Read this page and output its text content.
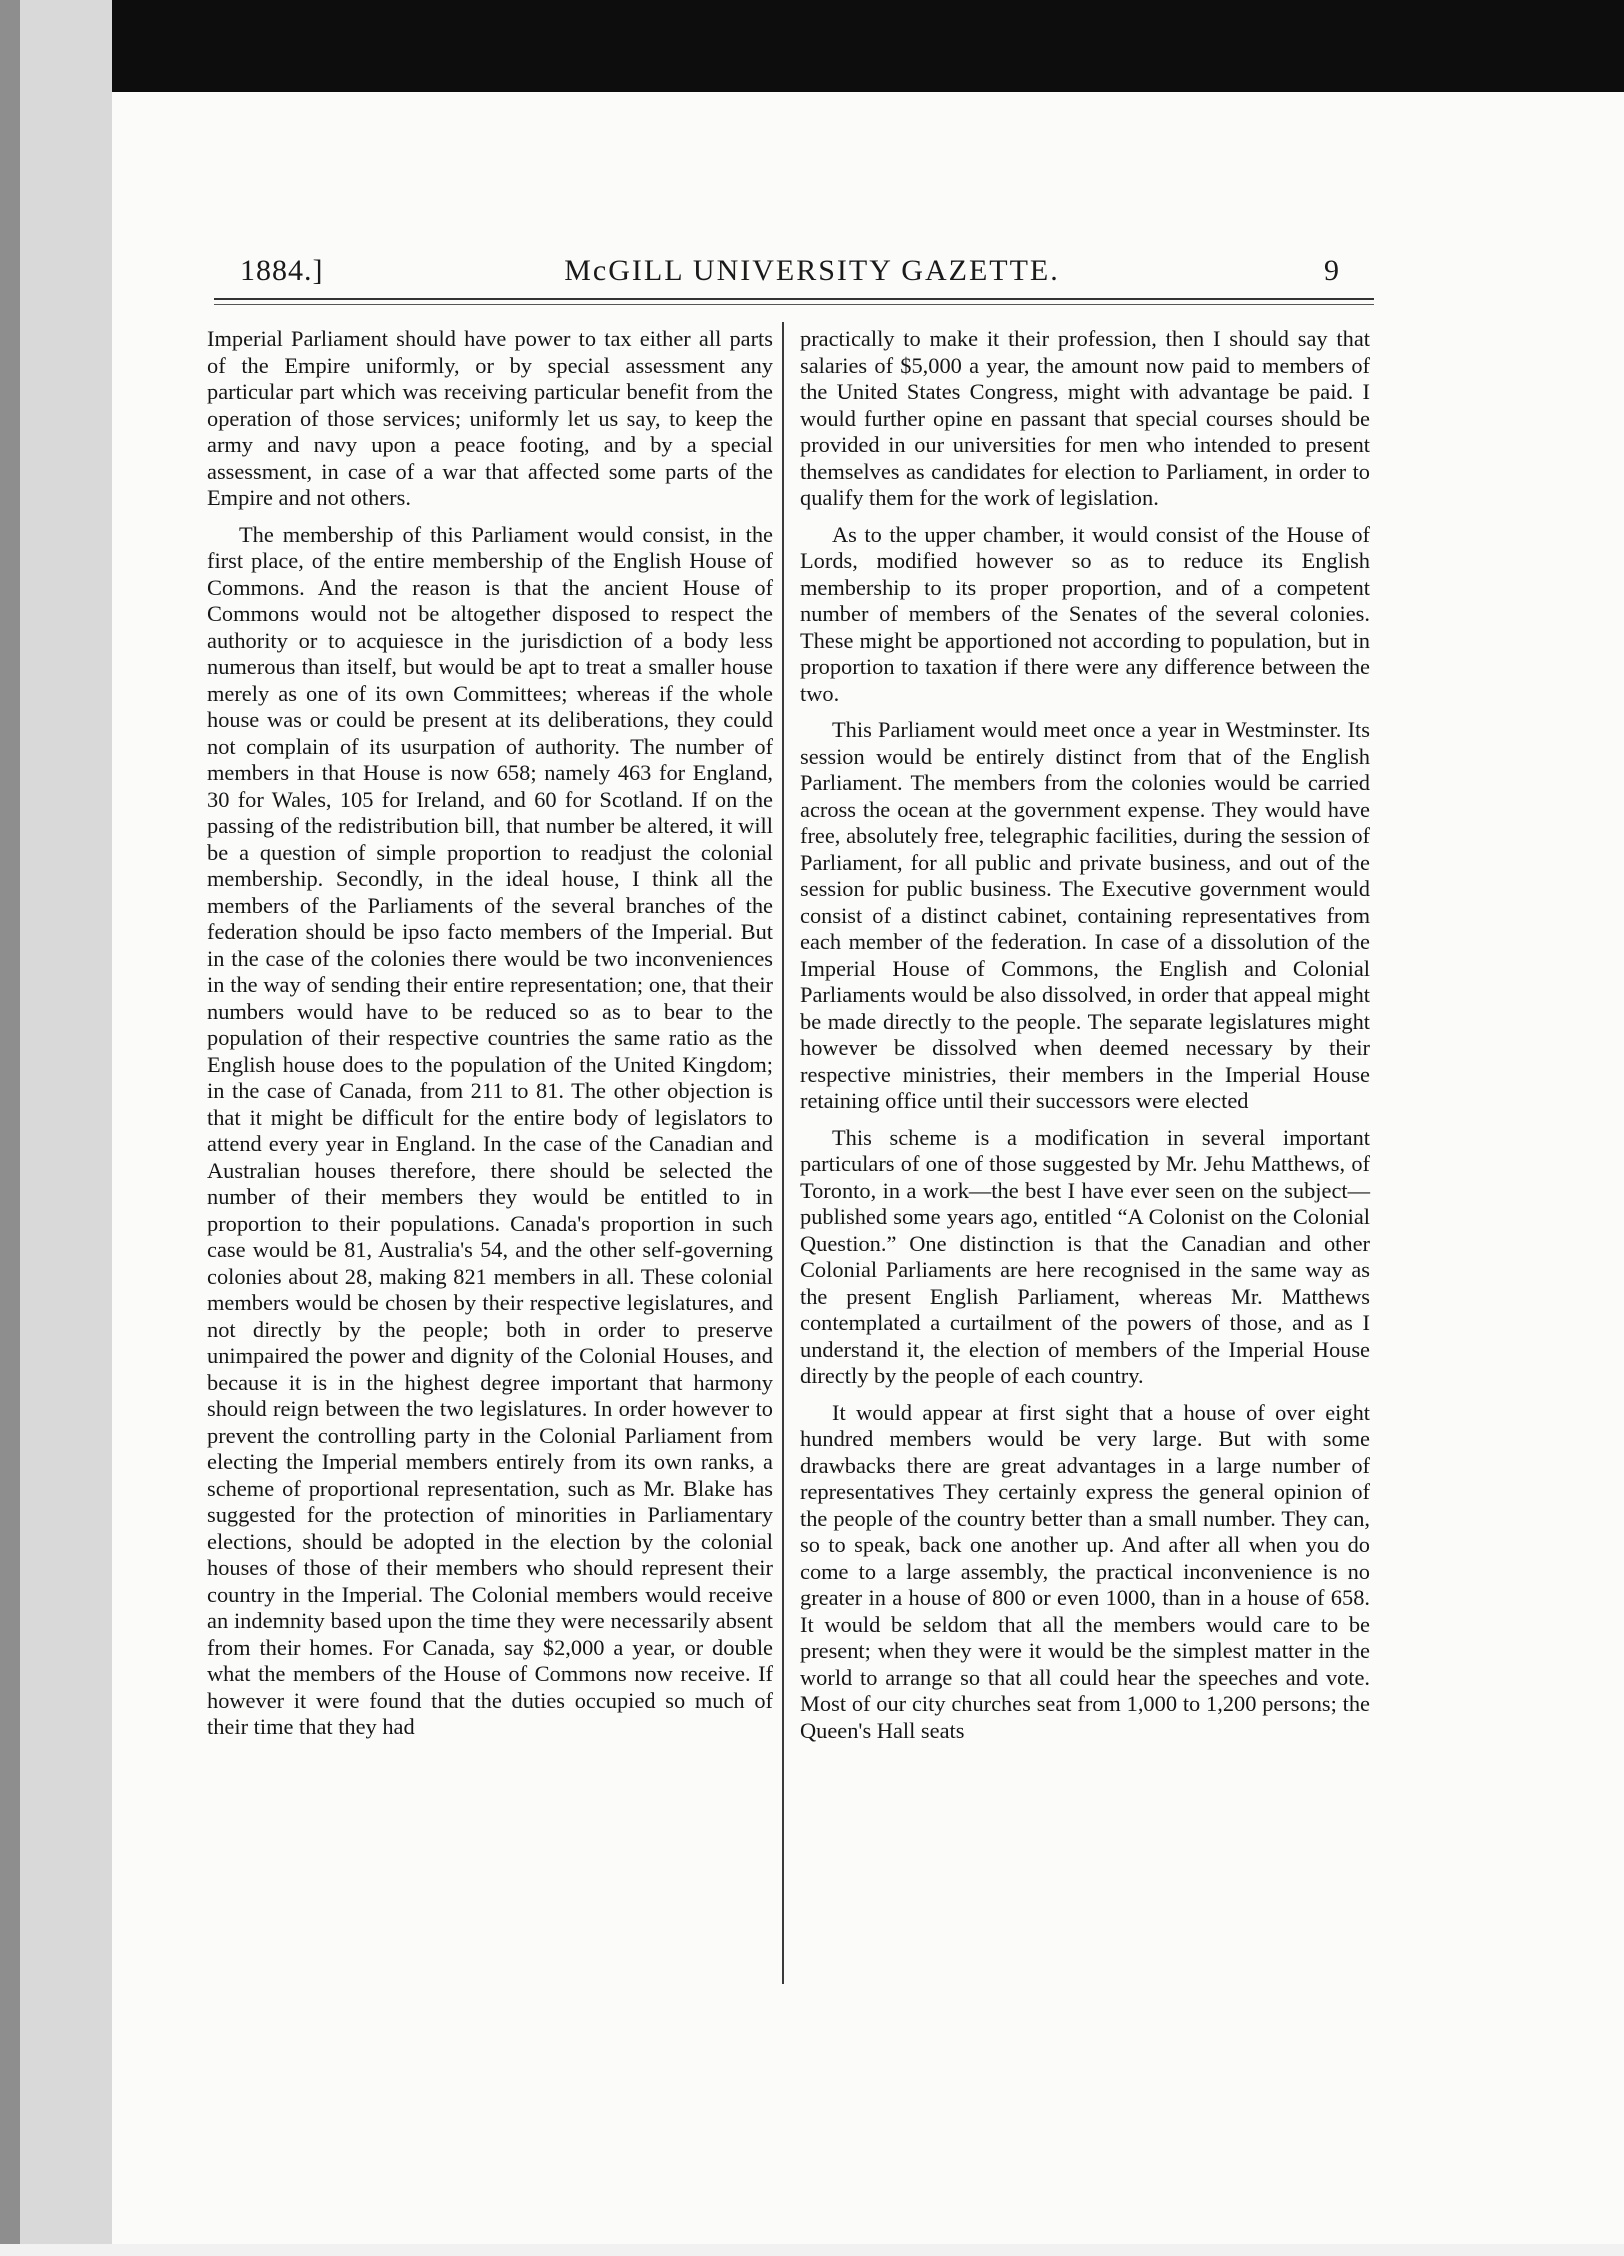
1884.]	McGILL UNIVERSITY GAZETTE.	9

Imperial Parliament should have power to tax either all parts of the Empire uniformly, or by special assessment any particular part which was receiving particular benefit from the operation of those services; uniformly let us say, to keep the army and navy upon a peace footing, and by a special assessment, in case of a war that affected some parts of the Empire and not others.

The membership of this Parliament would consist, in the first place, of the entire membership of the English House of Commons. And the reason is that the ancient House of Commons would not be altogether disposed to respect the authority or to acquiesce in the jurisdiction of a body less numerous than itself, but would be apt to treat a smaller house merely as one of its own Committees; whereas if the whole house was or could be present at its deliberations, they could not complain of its usurpation of authority. The number of members in that House is now 658; namely 463 for England, 30 for Wales, 105 for Ireland, and 60 for Scotland. If on the passing of the redistribution bill, that number be altered, it will be a question of simple proportion to readjust the colonial membership. Secondly, in the ideal house, I think all the members of the Parliaments of the several branches of the federation should be ipso facto members of the Imperial. But in the case of the colonies there would be two inconveniences in the way of sending their entire representation; one, that their numbers would have to be reduced so as to bear to the population of their respective countries the same ratio as the English house does to the population of the United Kingdom; in the case of Canada, from 211 to 81. The other objection is that it might be difficult for the entire body of legislators to attend every year in England. In the case of the Canadian and Australian houses therefore, there should be selected the number of their members they would be entitled to in proportion to their populations. Canada's proportion in such case would be 81, Australia's 54, and the other self-governing colonies about 28, making 821 members in all. These colonial members would be chosen by their respective legislatures, and not directly by the people; both in order to preserve unimpaired the power and dignity of the Colonial Houses, and because it is in the highest degree important that harmony should reign between the two legislatures. In order however to prevent the controlling party in the Colonial Parliament from electing the Imperial members entirely from its own ranks, a scheme of proportional representation, such as Mr. Blake has suggested for the protection of minorities in Parliamentary elections, should be adopted in the election by the colonial houses of those of their members who should represent their country in the Imperial. The Colonial members would receive an indemnity based upon the time they were necessarily absent from their homes. For Canada, say $2,000 a year, or double what the members of the House of Commons now receive. If however it were found that the duties occupied so much of their time that they had

practically to make it their profession, then I should say that salaries of $5,000 a year, the amount now paid to members of the United States Congress, might with advantage be paid. I would further opine en passant that special courses should be provided in our universities for men who intended to present themselves as candidates for election to Parliament, in order to qualify them for the work of legislation.

As to the upper chamber, it would consist of the House of Lords, modified however so as to reduce its English membership to its proper proportion, and of a competent number of members of the Senates of the several colonies. These might be apportioned not according to population, but in proportion to taxation if there were any difference between the two.

This Parliament would meet once a year in Westminster. Its session would be entirely distinct from that of the English Parliament. The members from the colonies would be carried across the ocean at the government expense. They would have free, absolutely free, telegraphic facilities, during the session of Parliament, for all public and private business, and out of the session for public business. The Executive government would consist of a distinct cabinet, containing representatives from each member of the federation. In case of a dissolution of the Imperial House of Commons, the English and Colonial Parliaments would be also dissolved, in order that appeal might be made directly to the people. The separate legislatures might however be dissolved when deemed necessary by their respective ministries, their members in the Imperial House retaining office until their successors were elected

This scheme is a modification in several important particulars of one of those suggested by Mr. Jehu Matthews, of Toronto, in a work—the best I have ever seen on the subject—published some years ago, entitled “A Colonist on the Colonial Question.” One distinction is that the Canadian and other Colonial Parliaments are here recognised in the same way as the present English Parliament, whereas Mr. Matthews contemplated a curtailment of the powers of those, and as I understand it, the election of members of the Imperial House directly by the people of each country.

It would appear at first sight that a house of over eight hundred members would be very large. But with some drawbacks there are great advantages in a large number of representatives They certainly express the general opinion of the people of the country better than a small number. They can, so to speak, back one another up. And after all when you do come to a large assembly, the practical inconvenience is no greater in a house of 800 or even 1000, than in a house of 658. It would be seldom that all the members would care to be present; when they were it would be the simplest matter in the world to arrange so that all could hear the speeches and vote. Most of our city churches seat from 1,000 to 1,200 persons; the Queen's Hall seats
